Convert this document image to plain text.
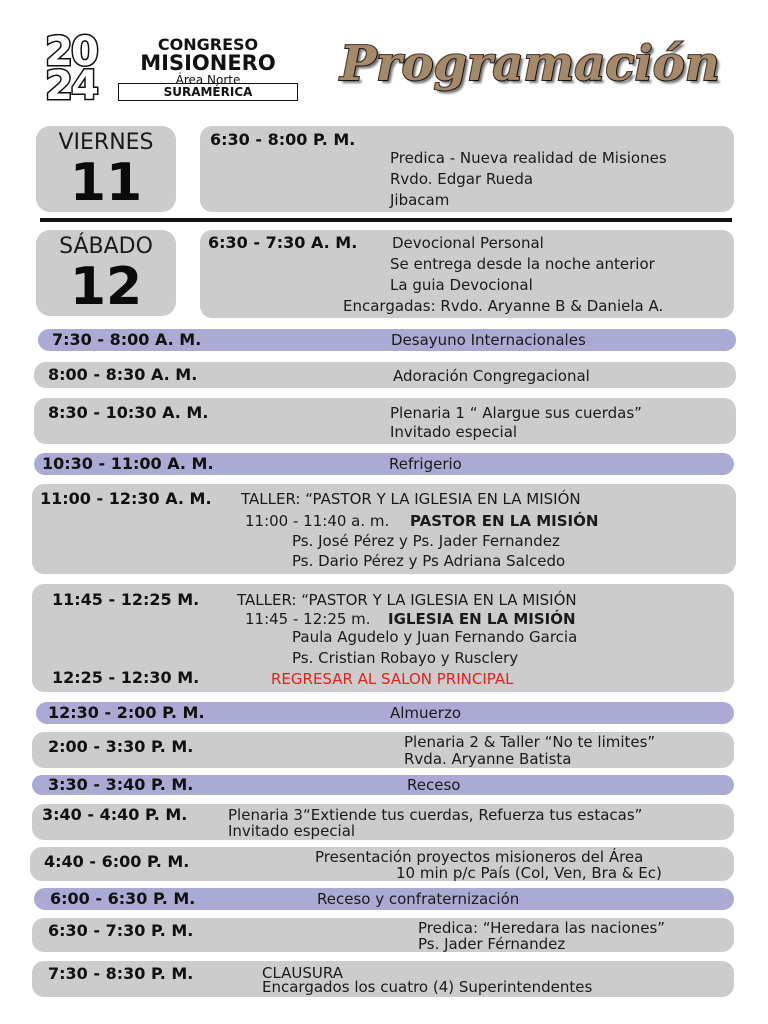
20
24
CONGRESO
MISIONERO
Área Norte
SURAMÉRICA	Programación
VIERNES
11
6:30 - 8:00 P. M.
Predica - Nueva realidad de Misiones
Rvdo. Edgar Rueda
Jibacam
SÁBADO
12
6:30 - 7:30 A. M. Devocional Personal
Se entrega desde la noche anterior
La guia Devocional
Encargadas: Rvdo. Aryanne B & Daniela A.
7:30 - 8:00 A. M.	Desayuno Internacionales
8:00 - 8:30 A. M.	Adoración Congregacional
8:30 - 10:30 A. M.	Plenaria 1 “ Alargue sus cuerdas”
Invitado especial
10:30 - 11:00 A. M.	Refrigerio
11:00 - 12:30 A. M. TALLER: “PASTOR Y LA IGLESIA EN LA MISIÓN
11:00 - 11:40 a. m. PASTOR EN LA MISIÓN
Ps. José Pérez y Ps. Jader Fernandez
Ps. Dario Pérez y Ps Adriana Salcedo
11:45 - 12:25 M.	TALLER: “PASTOR Y LA IGLESIA EN LA MISIÓN
11:45 - 12:25 m. IGLESIA EN LA MISIÓN
Paula Agudelo y Juan Fernando Garcia
Ps. Cristian Robayo y Rusclery
12:25 - 12:30 M.	REGRESAR AL SALON PRINCIPAL
12:30 - 2:00 P. M.	Almuerzo
2:00 - 3:30 P. M.	Plenaria 2 & Taller “No te limites”
Rvda. Aryanne Batista
3:30 - 3:40 P. M.	Receso
3:40 - 4:40 P. M.	Plenaria 3“Extiende tus cuerdas, Refuerza tus estacas”
Invitado especial
4:40 - 6:00 P. M.	Presentación proyectos misioneros del Área
10 min p/c País (Col, Ven, Bra & Ec)
6:00 - 6:30 P. M.	Receso y confraternización
6:30 - 7:30 P. M.	Predica: “Heredara las naciones”
Ps. Jader Férnandez
7:30 - 8:30 P. M.	CLAUSURA
Encargados los cuatro (4) Superintendentes
